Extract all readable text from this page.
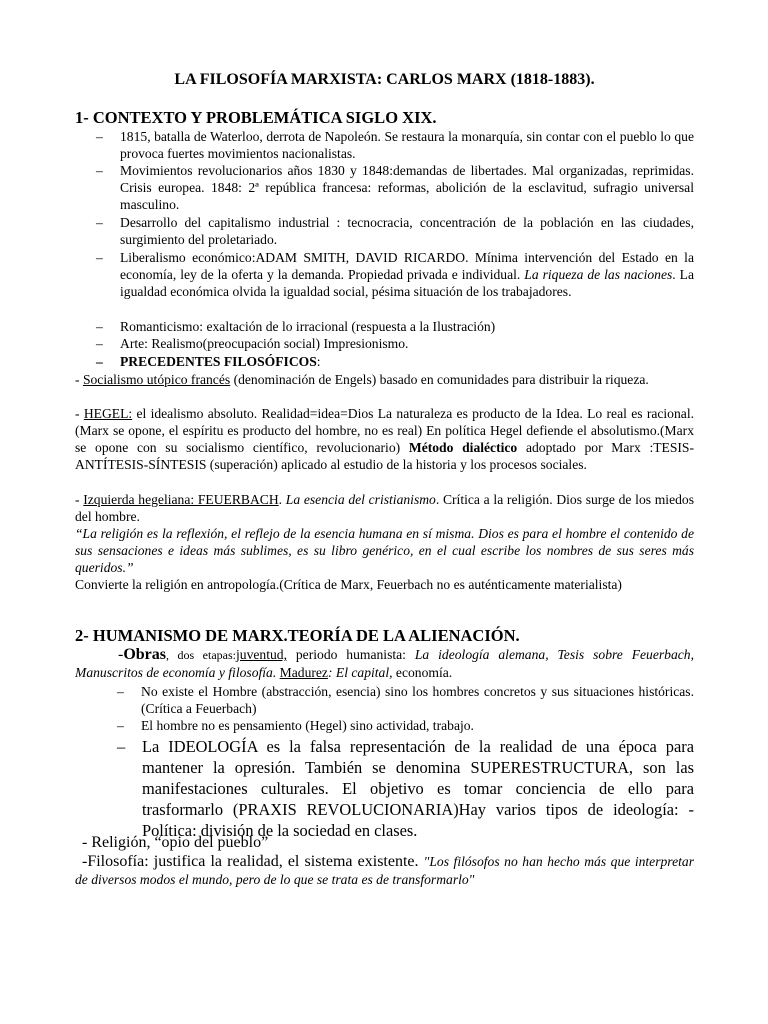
LA FILOSOFÍA MARXISTA: CARLOS MARX (1818-1883).
1- CONTEXTO Y PROBLEMÁTICA SIGLO XIX.
– 1815, batalla de Waterloo, derrota de Napoleón. Se restaura la monarquía, sin contar con el pueblo lo que provoca fuertes movimientos nacionalistas.
– Movimientos revolucionarios años 1830 y 1848:demandas de libertades. Mal organizadas, reprimidas. Crisis europea. 1848: 2ª república francesa: reformas, abolición de la esclavitud, sufragio universal masculino.
– Desarrollo del capitalismo industrial : tecnocracia, concentración de la población en las ciudades, surgimiento del proletariado.
– Liberalismo económico:ADAM SMITH, DAVID RICARDO. Mínima intervención del Estado en la economía, ley de la oferta y la demanda. Propiedad privada e individual. La riqueza de las naciones. La igualdad económica olvida la igualdad social, pésima situación de los trabajadores.
– Romanticismo: exaltación de lo irracional (respuesta a la Ilustración)
– Arte: Realismo(preocupación social) Impresionismo.
– PRECEDENTES FILOSÓFICOS:
- Socialismo utópico francés (denominación de Engels) basado en comunidades para distribuir la riqueza.
- HEGEL: el idealismo absoluto. Realidad=idea=Dios La naturaleza es producto de la Idea. Lo real es racional.(Marx se opone, el espíritu es producto del hombre, no es real) En política Hegel defiende el absolutismo.(Marx se opone con su socialismo científico, revolucionario) Método dialéctico adoptado por Marx :TESIS-ANTÍTESIS-SÍNTESIS (superación) aplicado al estudio de la historia y los procesos sociales.
- Izquierda hegeliana: FEUERBACH. La esencia del cristianismo. Crítica a la religión. Dios surge de los miedos del hombre.
“La religión es la reflexión, el reflejo de la esencia humana en sí misma. Dios es para el hombre el contenido de sus sensaciones e ideas más sublimes, es su libro genérico, en el cual escribe los nombres de sus seres más queridos.”
Convierte la religión en antropología.(Crítica de Marx, Feuerbach no es auténticamente materialista)
2- HUMANISMO DE MARX.TEORÍA DE LA ALIENACIÓN.
-Obras, dos etapas:juventud, periodo humanista: La ideología alemana, Tesis sobre Feuerbach, Manuscritos de economía y filosofía. Madurez: El capital, economía.
– No existe el Hombre (abstracción, esencia) sino los hombres concretos y sus situaciones históricas. (Crítica a Feuerbach)
– El hombre no es pensamiento (Hegel) sino actividad, trabajo.
– La IDEOLOGÍA es la falsa representación de la realidad de una época para mantener la opresión. También se denomina SUPERESTRUCTURA, son las manifestaciones culturales. El objetivo es tomar conciencia de ello para trasformarlo (PRAXIS REVOLUCIONARIA)Hay varios tipos de ideología: - Política: división de la sociedad en clases.
- Religión, “opio del pueblo”
-Filosofía: justifica la realidad, el sistema existente. "Los filósofos no han hecho más que interpretar de diversos modos el mundo, pero de lo que se trata es de transformarlo"
